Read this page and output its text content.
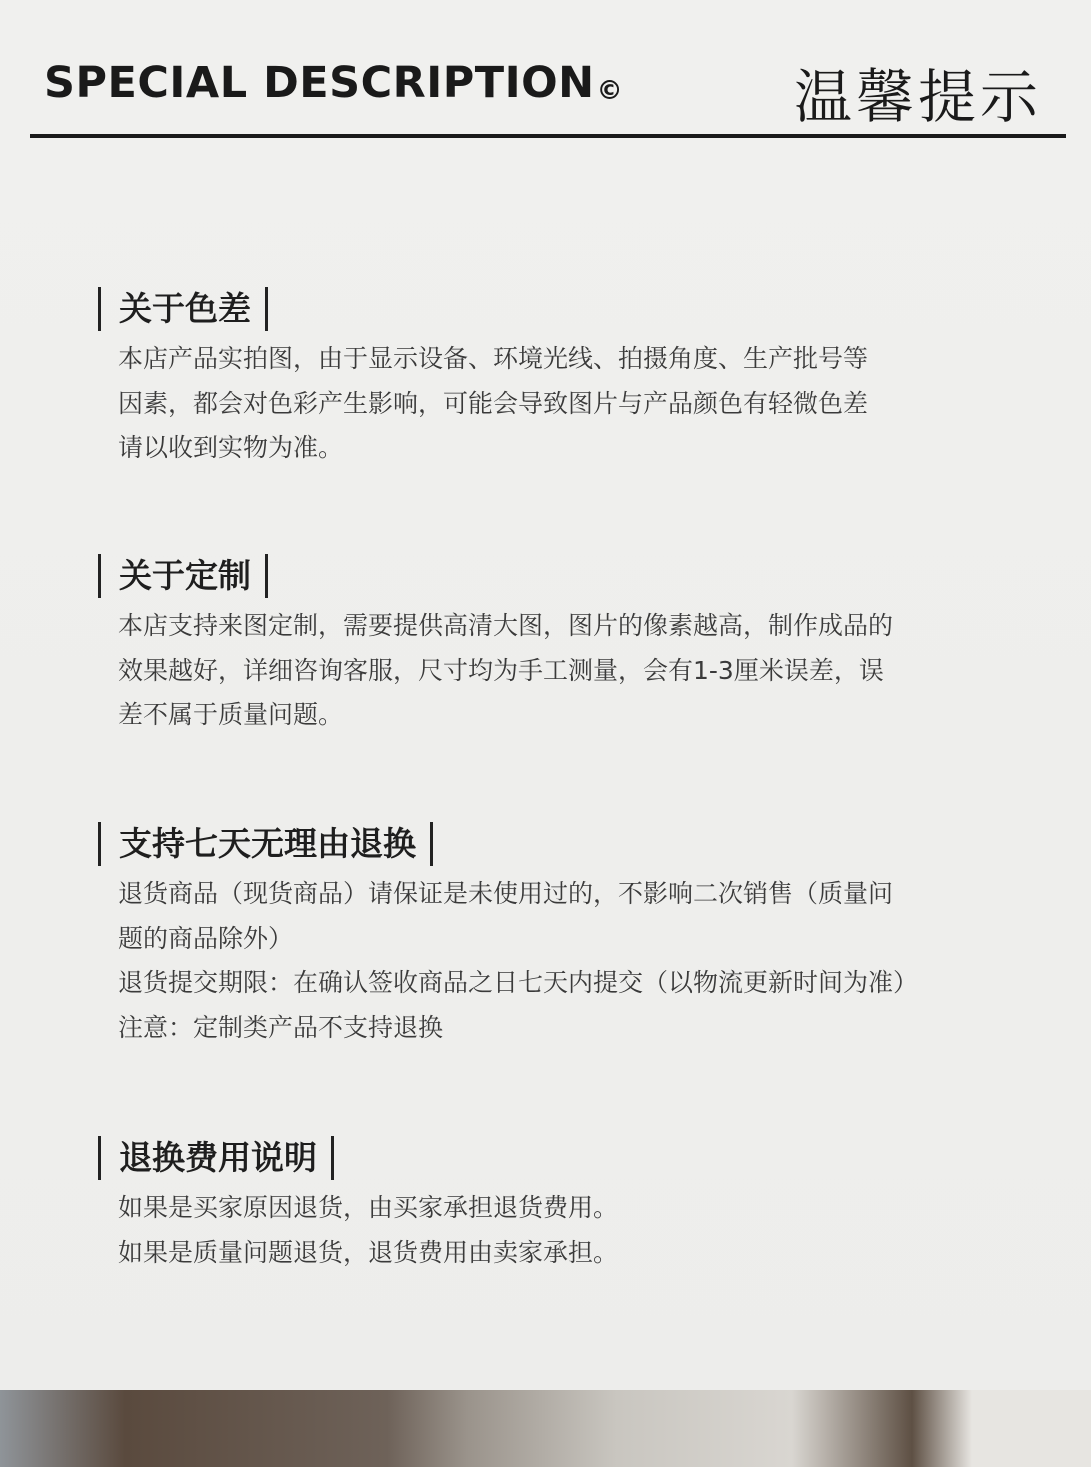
SPECIAL DESCRIPTION©	温馨提示
关于色差

本店产品实拍图，由于显示设备、环境光线、拍摄角度、生产批号等

因素，都会对色彩产生影响，可能会导致图片与产品颜色有轻微色差

请以收到实物为准。

关于定制

本店支持来图定制，需要提供高清大图，图片的像素越高，制作成品的

效果越好，详细咨询客服，尺寸均为手工测量，会有1-3厘米误差，误

差不属于质量问题。

支持七天无理由退换

退货商品（现货商品）请保证是未使用过的，不影响二次销售（质量问

题的商品除外）

退货提交期限：在确认签收商品之日七天内提交（以物流更新时间为准）

注意：定制类产品不支持退换

退换费用说明

如果是买家原因退货，由买家承担退货费用。

如果是质量问题退货，退货费用由卖家承担。
